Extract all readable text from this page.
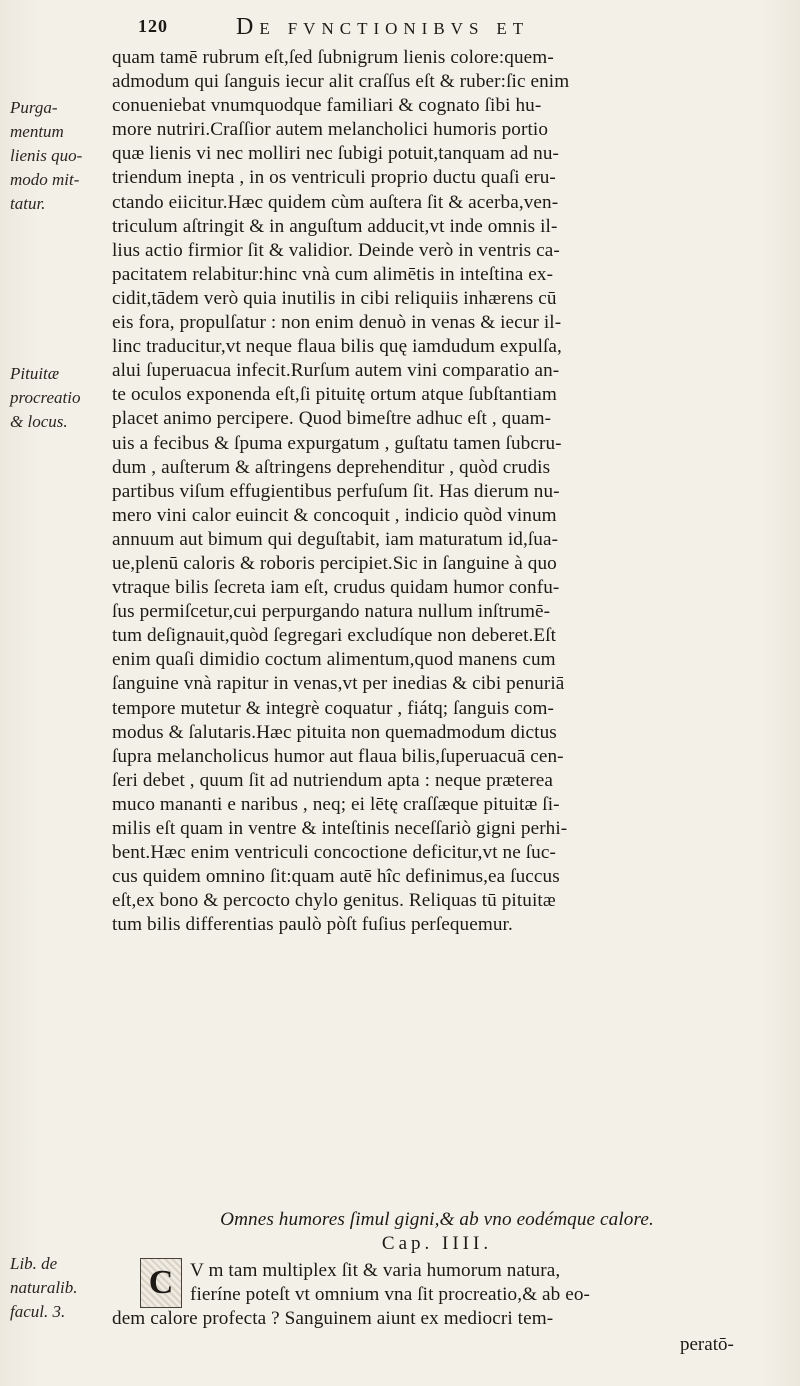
120	De fvnctionibvs et
Purga-
mentum
lienis quo-
modo mit-
tatur.
Pituitæ
procreatio
& locus.
Lib. de
naturalib.
facul. 3.
quam tamē rubrum eſt,ſed ſubnigrum lienis colore:quem-
admodum qui ſanguis iecur alit craſſus eſt & ruber:ſic enim
conueniebat vnumquodque familiari & cognato ſibi hu-
more nutriri.Craſſior autem melancholici humoris portio
quæ lienis vi nec molliri nec ſubigi potuit,tanquam ad nu-
triendum inepta , in os ventriculi proprio ductu quaſi eru-
ctando eiicitur.Hæc quidem cùm auſtera ſit & acerba,ven-
triculum aſtringit & in anguſtum adducit,vt inde omnis il-
lius actio firmior ſit & validior. Deinde verò in ventris ca-
pacitatem relabitur:hinc vnà cum alimētis in inteſtina ex-
cidit,tādem verò quia inutilis in cibi reliquiis inhærens cū
eis fora, propulſatur : non enim denuò in venas & iecur il-
linc traducitur,vt neque flaua bilis quę iamdudum expulſa,
alui ſuperuacua infecit.Rurſum autem vini comparatio an-
te oculos exponenda eſt,ſi pituitę ortum atque ſubſtantiam
placet animo percipere. Quod bimeſtre adhuc eſt , quam-
uis a fecibus & ſpuma expurgatum , guſtatu tamen ſubcru-
dum , auſterum & aſtringens deprehenditur , quòd crudis
partibus viſum effugientibus perfuſum ſit. Has dierum nu-
mero vini calor euincit & concoquit , indicio quòd vinum
annuum aut bimum qui deguſtabit, iam maturatum id,ſua-
ue,plenū caloris & roboris percipiet.Sic in ſanguine à quo
vtraque bilis ſecreta iam eſt, crudus quidam humor confu-
ſus permiſcetur,cui perpurgando natura nullum inſtrumē-
tum deſignauit,quòd ſegregari excludíque non deberet.Eſt
enim quaſi dimidio coctum alimentum,quod manens cum
ſanguine vnà rapitur in venas,vt per inedias & cibi penuriā
tempore mutetur & integrè coquatur , fiátq; ſanguis com-
modus & ſalutaris.Hæc pituita non quemadmodum dictus
ſupra melancholicus humor aut flaua bilis,ſuperuacuā cen-
ſeri debet , quum ſit ad nutriendum apta : neque præterea
muco mananti e naribus , neq; ei lētę craſſæque pituitæ ſi-
milis eſt quam in ventre & inteſtinis neceſſariò gigni perhi-
bent.Hæc enim ventriculi concoctione deficitur,vt ne ſuc-
cus quidem omnino ſit:quam autē hîc definimus,ea ſuccus
eſt,ex bono & percocto chylo genitus. Reliquas tū pituitæ
tum bilis differentias paulò pòſt fuſius perſequemur.
Omnes humores ſimul gigni,& ab vno eodémque calore.
Cap. IIII.
C V m tam multiplex ſit & varia humorum natura,
fieríne poteſt vt omnium vna ſit procreatio,& ab eo-
dem calore profecta ? Sanguinem aiunt ex mediocri tem-
peratō-
